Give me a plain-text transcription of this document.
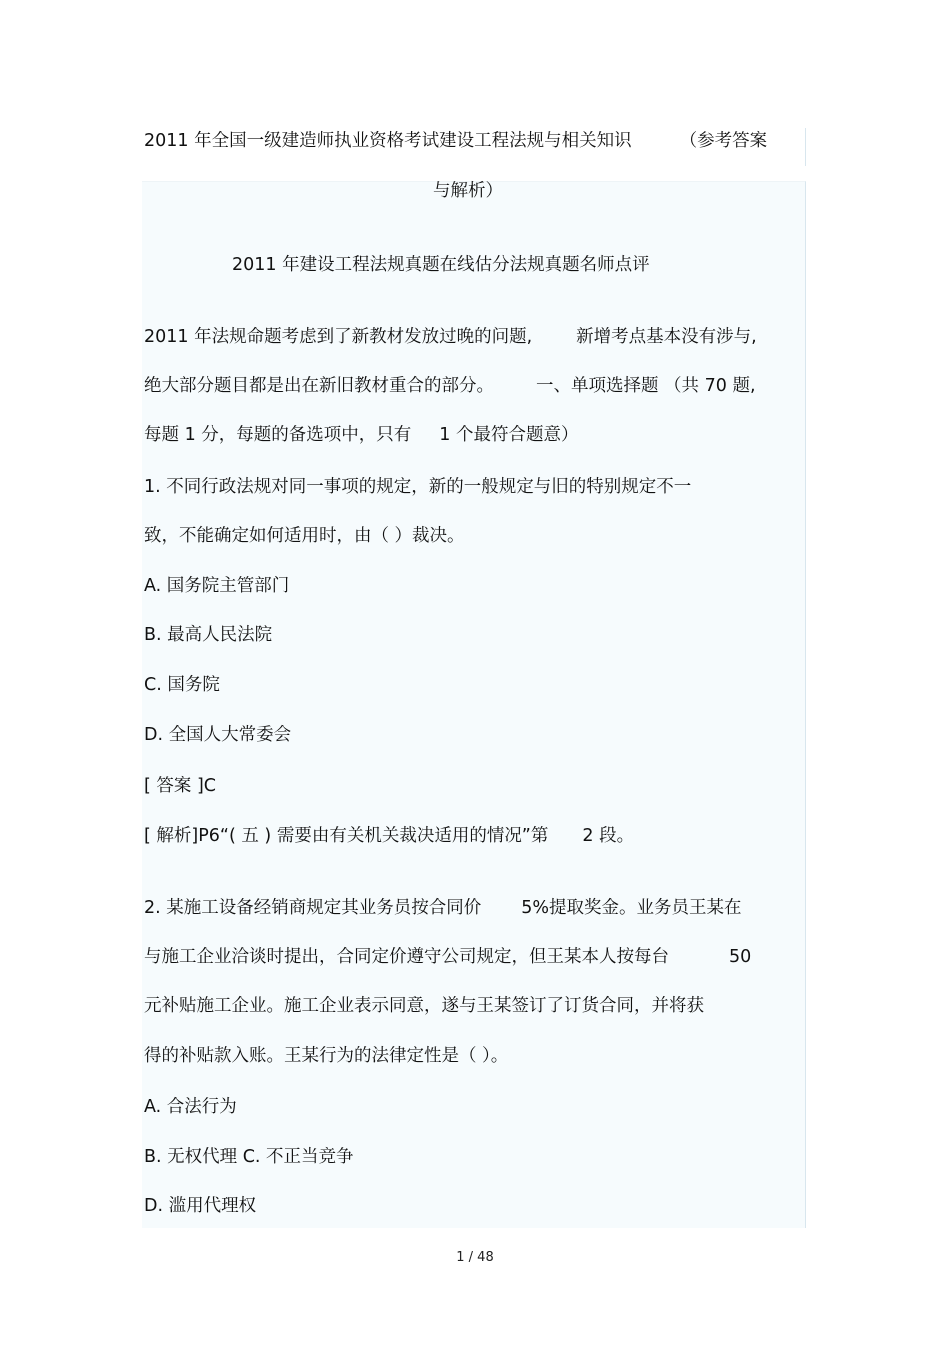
2011 年全国一级建造师执业资格考试建设工程法规与相关知识	（参考答案
与解析）
2011 年建设工程法规真题在线估分法规真题名师点评
2011 年法规命题考虑到了新教材发放过晚的问题,	新增考点基本没有涉与,
绝大部分题目都是出在新旧教材重合的部分。 一、单项选择题 （共 70 题,
每题 1 分，每题的备选项中，只有 1 个最符合题意）
1. 不同行政法规对同一事项的规定，新的一般规定与旧的特别规定不一
致，不能确定如何适用时，由（ ）裁决。
A. 国务院主管部门
B. 最高人民法院
C. 国务院
D. 全国人大常委会
[ 答案 ]C
[ 解析]P6“( 五 ) 需要由有关机关裁决适用的情况”第 2 段。
2. 某施工设备经销商规定其业务员按合同价 5%提取奖金。业务员王某在
与施工企业洽谈时提出，合同定价遵守公司规定，但王某本人按每台	50
元补贴施工企业。施工企业表示同意，遂与王某签订了订货合同，并将获
得的补贴款入账。王某行为的法律定性是（ ）。
A. 合法行为
B. 无权代理 C. 不正当竞争
D. 滥用代理权
1 / 48
